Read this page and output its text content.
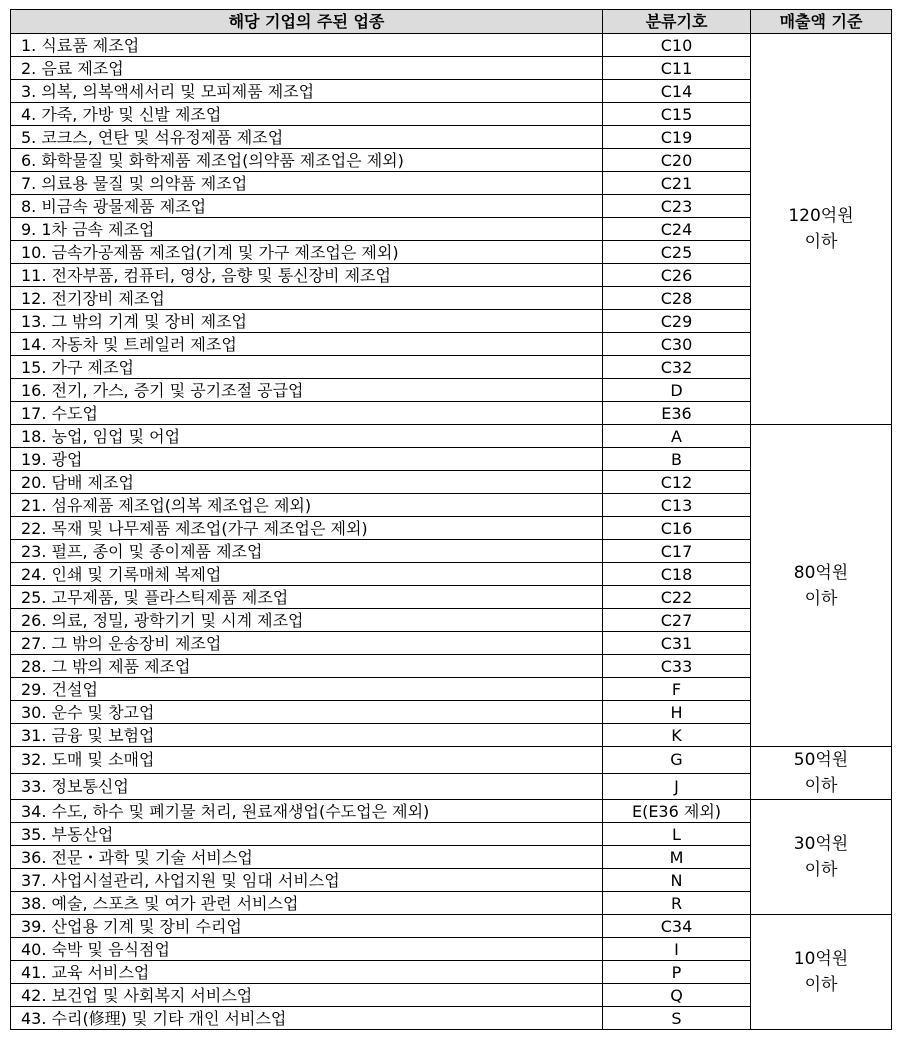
해당 기업의 주된 업종	분류기호	매출액 기준
1. 식료품 제조업	C10	120억원
이하
2. 음료 제조업	C11	
3. 의복, 의복액세서리 및 모피제품 제조업	C14	
4. 가죽, 가방 및 신발 제조업	C15	
5. 코크스, 연탄 및 석유정제품 제조업	C19	
6. 화학물질 및 화학제품 제조업(의약품 제조업은 제외)	C20	
7. 의료용 물질 및 의약품 제조업	C21	
8. 비금속 광물제품 제조업	C23	
9. 1차 금속 제조업	C24	
10. 금속가공제품 제조업(기계 및 가구 제조업은 제외)	C25	
11. 전자부품, 컴퓨터, 영상, 음향 및 통신장비 제조업	C26	
12. 전기장비 제조업	C28	
13. 그 밖의 기계 및 장비 제조업	C29	
14. 자동차 및 트레일러 제조업	C30	
15. 가구 제조업	C32	
16. 전기, 가스, 증기 및 공기조절 공급업	D	
17. 수도업	E36	
18. 농업, 임업 및 어업	A	80억원
이하
19. 광업	B	
20. 담배 제조업	C12	
21. 섬유제품 제조업(의복 제조업은 제외)	C13	
22. 목재 및 나무제품 제조업(가구 제조업은 제외)	C16	
23. 펄프, 종이 및 종이제품 제조업	C17	
24. 인쇄 및 기록매체 복제업	C18	
25. 고무제품, 및 플라스틱제품 제조업	C22	
26. 의료, 정밀, 광학기기 및 시계 제조업	C27	
27. 그 밖의 운송장비 제조업	C31	
28. 그 밖의 제품 제조업	C33	
29. 건설업	F	
30. 운수 및 창고업	H	
31. 금융 및 보험업	K	
32. 도매 및 소매업	G	50억원
이하
33. 정보통신업	J	
34. 수도, 하수 및 폐기물 처리, 원료재생업(수도업은 제외)	E(E36 제외)	30억원
이하
35. 부동산업	L	
36. 전문・과학 및 기술 서비스업	M	
37. 사업시설관리, 사업지원 및 임대 서비스업	N	
38. 예술, 스포츠 및 여가 관련 서비스업	R	
39. 산업용 기계 및 장비 수리업	C34	10억원
이하
40. 숙박 및 음식점업	I	
41. 교육 서비스업	P	
42. 보건업 및 사회복지 서비스업	Q	
43. 수리(修理) 및 기타 개인 서비스업	S	
